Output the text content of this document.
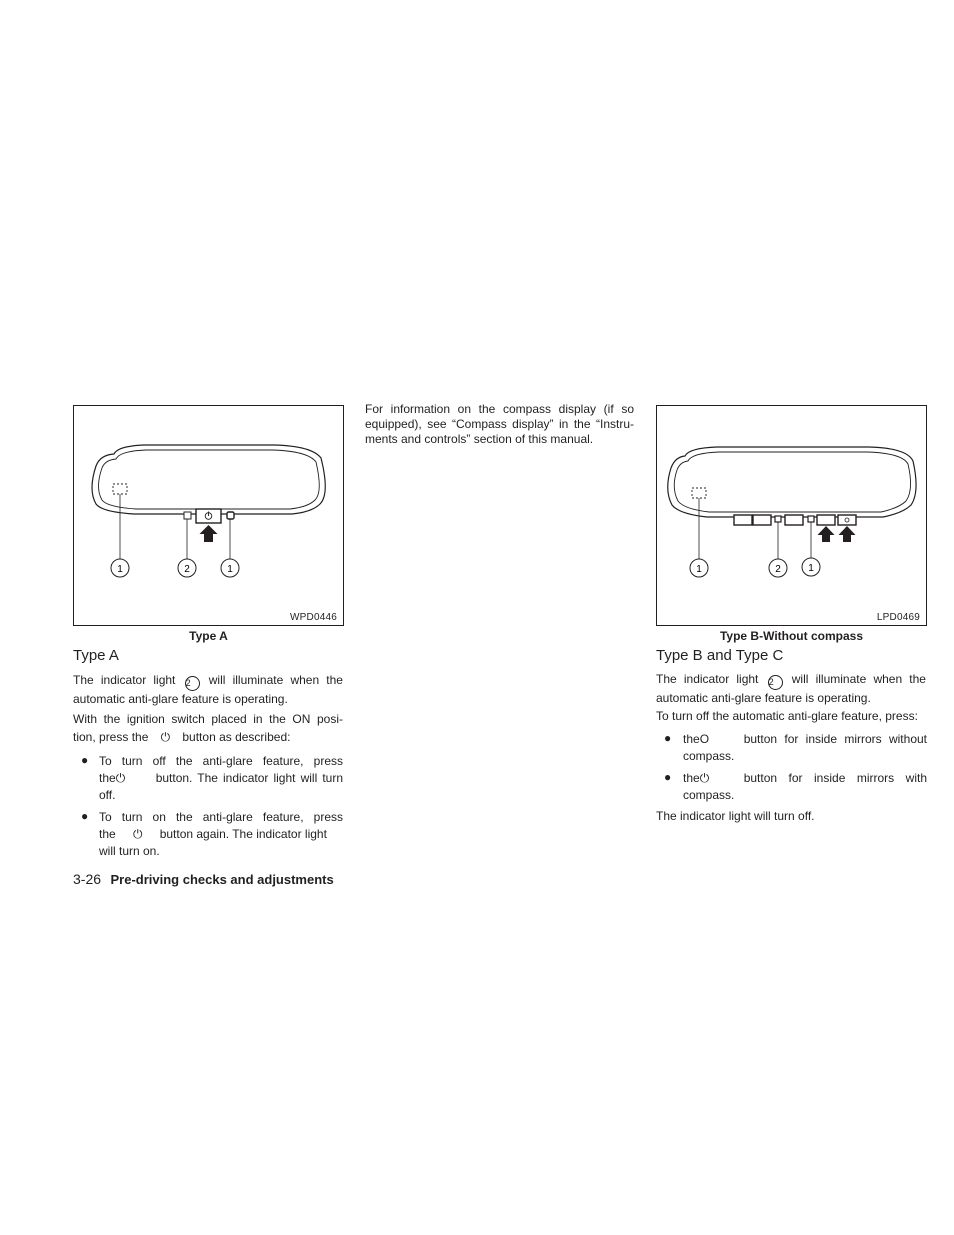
1	2	1
WPD0446
Type A
Type A
The indicator light 2 will illuminate when the
automatic anti-glare feature is operating.
With the ignition switch placed in the ON posi-
tion, press the ⏻ button as described:
● To turn off the anti-glare feature, press
the⏻	button. The indicator light will turn
off.
● To turn on the anti-glare feature, press
the ⏻ button again. The indicator light
will turn on.
For information on the compass display (if so
equipped), see “Compass display” in the “Instru-
ments and controls” section of this manual.
1	2	1
LPD0469
Type B-Without compass
Type B and Type C
The indicator light 2 will illuminate when the
automatic anti-glare feature is operating.
To turn off the automatic anti-glare feature, press:
● theO	button for inside mirrors without
compass.
● the⏻	button for inside mirrors with
compass.
The indicator light will turn off.
3-26 Pre-driving checks and adjustments
